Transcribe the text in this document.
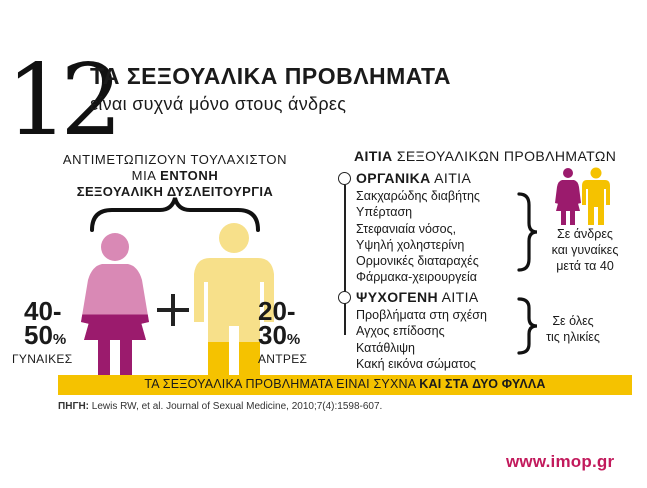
12
ΤΑ ΣΕΞΟΥΑΛΙΚΑ ΠΡΟΒΛΗΜΑΤΑ
είναι συχνά μόνο στους άνδρες
ΑΝΤΙΜΕΤΩΠΙΖΟΥΝ ΤΟΥΛΑΧΙΣΤΟΝ
ΜΙΑ ΕΝΤΟΝΗ
ΣΕΞΟΥΑΛΙΚΗ ΔΥΣΛΕΙΤΟΥΡΓΙΑ
40-
50%
ΓΥΝΑΙΚΕΣ
20-
30%
ΑΝΤΡΕΣ
ΑΙΤΙΑ ΣΕΞΟΥΑΛΙΚΩΝ ΠΡΟΒΛΗΜΑΤΩΝ
ΟΡΓΑΝΙΚΑ ΑΙΤΙΑ
Σακχαρώδης διαβήτης
Υπέρταση
Στεφανιαία νόσος,
Υψηλή χοληστερίνη
Ορμονικές διαταραχές
Φάρμακα-χειρουργεία
ΨΥΧΟΓΕΝΗ ΑΙΤΙΑ
Προβλήματα στη σχέση
Αγχος επίδοσης
Κατάθλιψη
Κακή εικόνα σώματος
Σε άνδρες
και γυναίκες
μετά τα 40
Σε όλες
τις ηλικίες
ΤΑ ΣΕΞΟΥΑΛΙΚΑ ΠΡΟΒΛΗΜΑΤΑ ΕΙΝΑΙ ΣΥΧΝΑ ΚΑΙ ΣΤΑ ΔΥΟ ΦΥΛΛΑ
ΠΗΓΗ: Lewis RW, et al. Journal of Sexual Medicine, 2010;7(4):1598-607.
www.imop.gr
